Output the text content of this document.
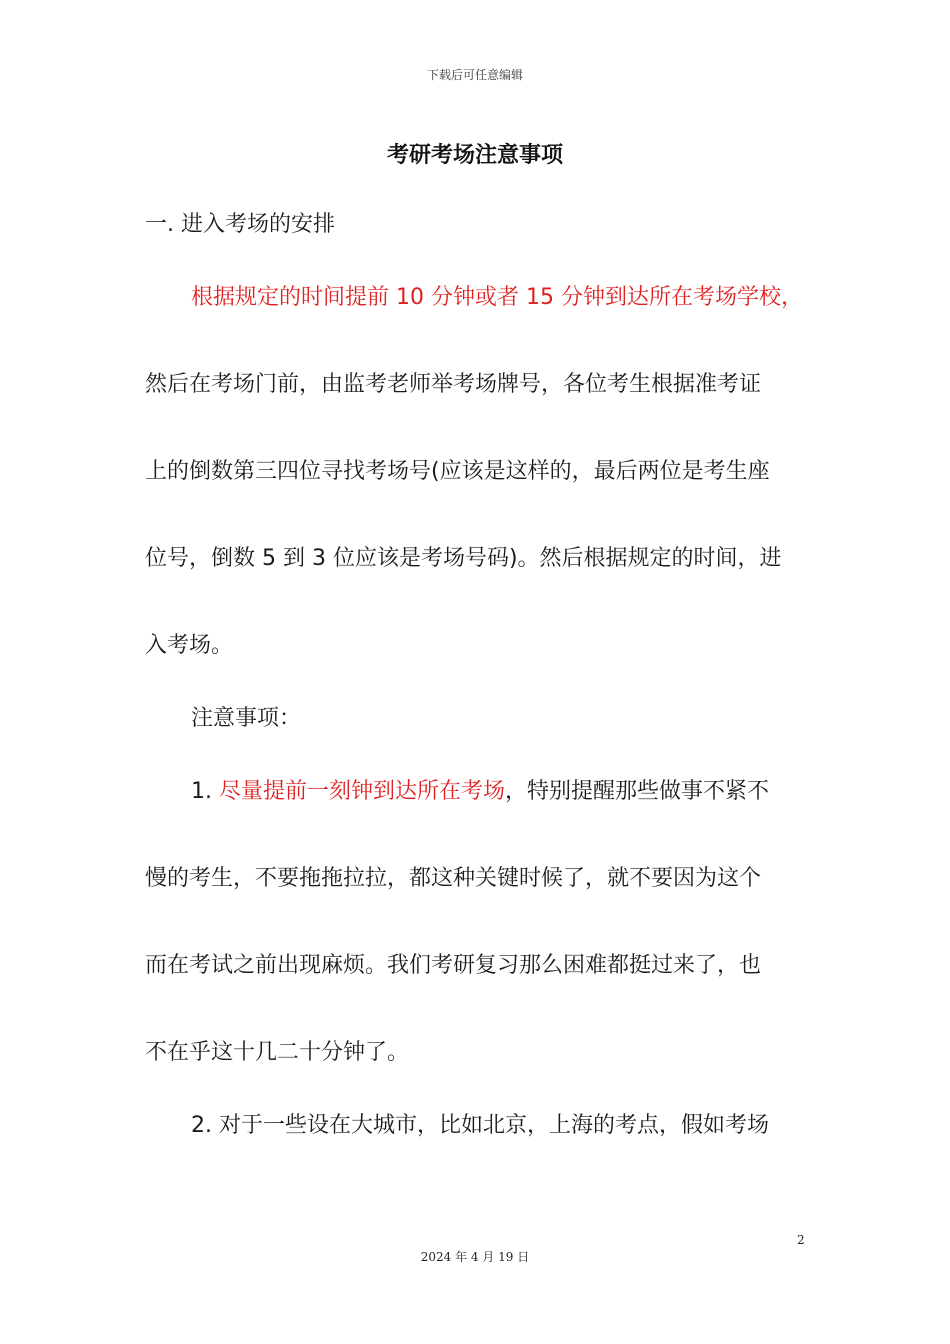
下载后可任意编辑
考研考场注意事项
一. 进入考场的安排
根据规定的时间提前 10 分钟或者 15 分钟到达所在考场学校，
然后在考场门前，由监考老师举考场牌号，各位考生根据准考证
上的倒数第三四位寻找考场号(应该是这样的，最后两位是考生座
位号，倒数 5 到 3 位应该是考场号码)。然后根据规定的时间，进
入考场。
注意事项：
1. 尽量提前一刻钟到达所在考场，特别提醒那些做事不紧不
慢的考生，不要拖拖拉拉，都这种关键时候了，就不要因为这个
而在考试之前出现麻烦。我们考研复习那么困难都挺过来了，也
不在乎这十几二十分钟了。
2. 对于一些设在大城市，比如北京，上海的考点，假如考场
2
2024 年 4 月 19 日
